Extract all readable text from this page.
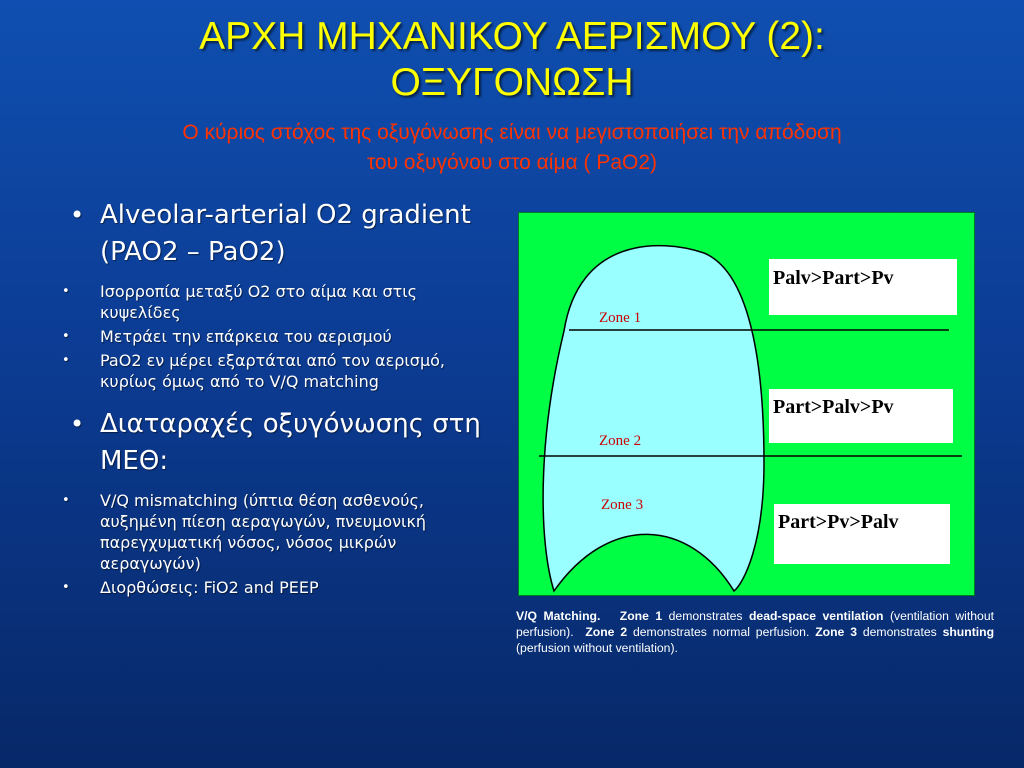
ΑΡΧΗ ΜΗΧΑΝΙΚΟΥ ΑΕΡΙΣΜΟΥ (2):
ΟΞΥΓΟΝΩΣΗ
Ο κύριος στόχος της οξυγόνωσης είναι να μεγιστοποιήσει την απόδοση
του οξυγόνου στο αίμα ( PaO2)
• Alveolar-arterial O2 gradient (PAO2 – PaO2)
• Ισορροπία μεταξύ Ο2 στο αίμα και στις κυψελίδες
• Μετράει την επάρκεια του αερισμού
• PaO2 εν μέρει εξαρτάται από τον αερισμό, κυρίως όμως από το V/Q matching
• Διαταραχές οξυγόνωσης στη ΜΕΘ:
• V/Q mismatching (ύπτια θέση ασθενούς, αυξημένη πίεση αεραγωγών, πνευμονική παρεγχυματική νόσος, νόσος μικρών αεραγωγών)
• Διορθώσεις: FiO2 and PEEP
Zone 1
Zone 2
Zone 3
Palv>Part>Pv
Part>Palv>Pv
Part>Pv>Palv

V/Q Matching. Zone 1 demonstrates dead-space ventilation (ventilation without perfusion). Zone 2 demonstrates normal perfusion. Zone 3 demonstrates shunting (perfusion without ventilation).
